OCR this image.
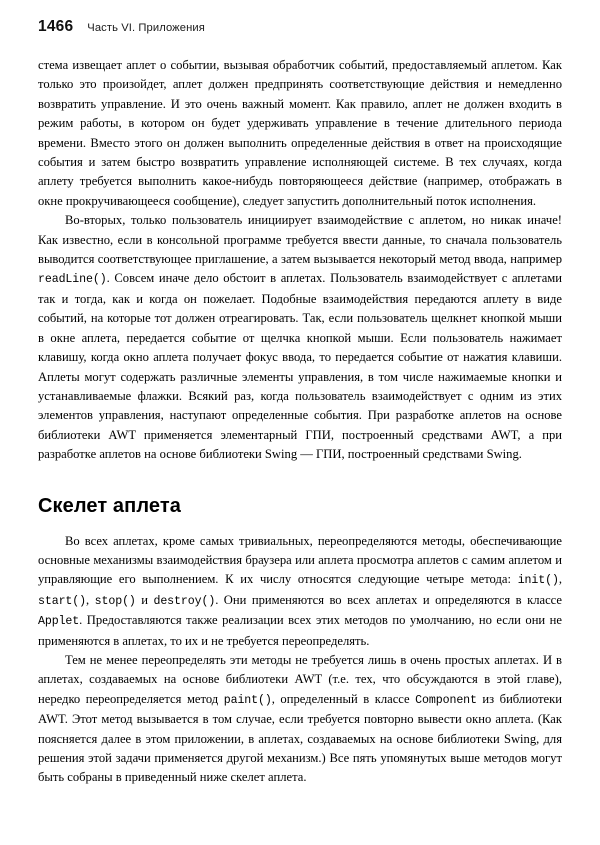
1466 Часть VI. Приложения

стема извещает аплет о событии, вызывая обработчик событий, предоставляемый аплетом. Как только это произойдет, аплет должен предпринять соответствующие действия и немедленно возвратить управление. И это очень важный момент. Как правило, аплет не должен входить в режим работы, в котором он будет удерживать управление в течение длительного периода времени. Вместо этого он должен выполнить определенные действия в ответ на происходящие события и затем быстро возвратить управление исполняющей системе. В тех случаях, когда аплету требуется выполнить какое-нибудь повторяющееся действие (например, отображать в окне прокручивающееся сообщение), следует запустить дополнительный поток исполнения.

Во-вторых, только пользователь инициирует взаимодействие с аплетом, но никак иначе! Как известно, если в консольной программе требуется ввести данные, то сначала пользователь выводится соответствующее приглашение, а затем вызывается некоторый метод ввода, например readLine(). Совсем иначе дело обстоит в аплетах. Пользователь взаимодействует с аплетами так и тогда, как и когда он пожелает. Подобные взаимодействия передаются аплету в виде событий, на которые тот должен отреагировать. Так, если пользователь щелкнет кнопкой мыши в окне аплета, передается событие от щелчка кнопкой мыши. Если пользователь нажимает клавишу, когда окно аплета получает фокус ввода, то передается событие от нажатия клавиши. Аплеты могут содержать различные элементы управления, в том числе нажимаемые кнопки и устанавливаемые флажки. Всякий раз, когда пользователь взаимодействует с одним из этих элементов управления, наступают определенные события. При разработке аплетов на основе библиотеки AWT применяется элементарный ГПИ, построенный средствами AWT, а при разработке аплетов на основе библиотеки Swing — ГПИ, построенный средствами Swing.

Скелет аплета

Во всех аплетах, кроме самых тривиальных, переопределяются методы, обеспечивающие основные механизмы взаимодействия браузера или аплета просмотра аплетов с самим аплетом и управляющие его выполнением. К их числу относятся следующие четыре метода: init(), start(), stop() и destroy(). Они применяются во всех аплетах и определяются в классе Applet. Предоставляются также реализации всех этих методов по умолчанию, но если они не применяются в аплетах, то их и не требуется переопределять.

Тем не менее переопределять эти методы не требуется лишь в очень простых аплетах. И в аплетах, создаваемых на основе библиотеки AWT (т.е. тех, что обсуждаются в этой главе), нередко переопределяется метод paint(), определенный в классе Component из библиотеки AWT. Этот метод вызывается в том случае, если требуется повторно вывести окно аплета. (Как поясняется далее в этом приложении, в аплетах, создаваемых на основе библиотеки Swing, для решения этой задачи применяется другой механизм.) Все пять упомянутых выше методов могут быть собраны в приведенный ниже скелет аплета.
